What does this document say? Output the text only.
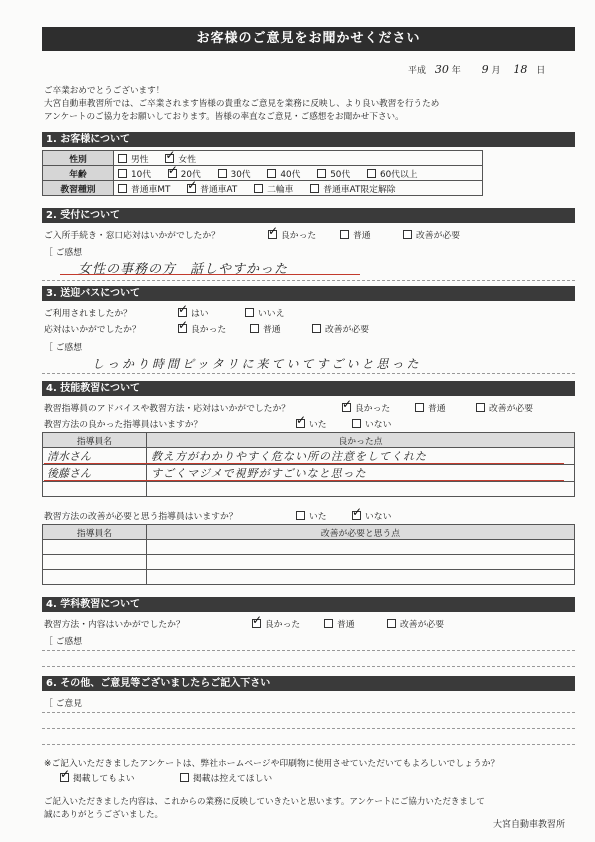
お客様のご意見をお聞かせください
平成 30 年 9 月 18 日
ご卒業おめでとうございます！
大宮自動車教習所では、ご卒業されます皆様の貴重なご意見を業務に反映し、より良い教習を行うため
アンケートのご協力をお願いしております。皆様の率直なご意見・ご感想をお聞かせ下さい。
1. お客様について
性別	男性 ✓ 女性
年齢	10代 ✓ 20代 30代 40代 50代 60代以上
教習種別	普通車MT ✓ 普通車AT 二輪車 普通車AT限定解除
2. 受付について
ご入所手続き・窓口応対はいかがでしたか？ ✓	良かった	普通	改善が必要
［ ご感想
女性の事務の方　話しやすかった
3. 送迎バスについて
ご利用されましたか？ ✓	はい	いいえ
応対はいかがでしたか？ ✓	良かった	普通	改善が必要
［ ご感想
しっかり時間ピッタリに来ていてすごいと思った
4. 技能教習について
教習指導員のアドバイスや教習方法・応対はいかがでしたか？ ✓	良かった	普通	改善が必要
教習方法の良かった指導員はいますか？ ✓	いた	いない
指導員名	良かった点
清水さん	教え方がわかりやすく危ない所の注意をしてくれた
後藤さん	すごくマジメで視野がすごいなと思った

教習方法の改善が必要と思う指導員はいますか？	いた ✓	いない
指導員名	改善が必要と思う点

4. 学科教習について
教習方法・内容はいかがでしたか？ ✓	良かった	普通	改善が必要
［ ご感想
6. その他、ご意見等ございましたらご記入下さい
［ ご意見
※ご記入いただきましたアンケートは、弊社ホームページや印刷物に使用させていただいてもよろしいでしょうか？
✓掲載してもよい	掲載は控えてほしい
ご記入いただきました内容は、これからの業務に反映していきたいと思います。アンケートにご協力いただきまして
誠にありがとうございました。
大宮自動車教習所
